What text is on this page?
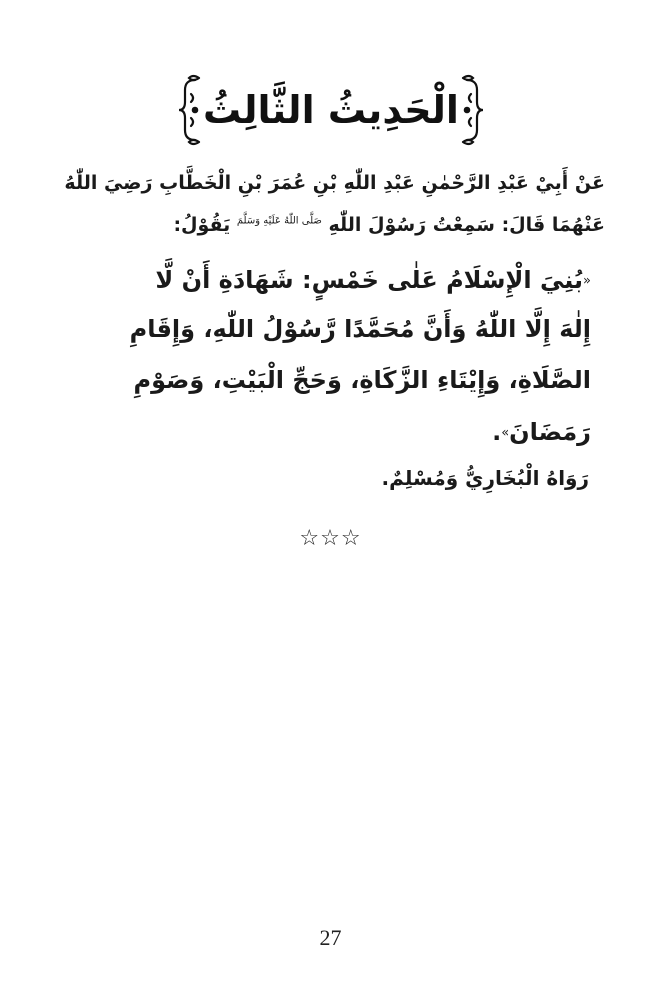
الْحَدِيثُ الثَّالِثُ
عَنْ أَبِيْ عَبْدِ الرَّحْمٰنِ عَبْدِ اللّٰهِ بْنِ عُمَرَ بْنِ الْخَطَّابِ رَضِيَ اللّٰهُ
عَنْهُمَا قَالَ: سَمِعْتُ رَسُوْلَ اللّٰهِ $^{صَلَّى اللّٰهُ عَلَيْهِ وَسَلَّمَ}$ يَقُوْلُ:
«بُنِيَ الْإِسْلَامُ عَلٰى خَمْسٍ: شَهَادَةِ أَنْ لَّا
إِلٰهَ إِلَّا اللّٰهُ وَأَنَّ مُحَمَّدًا رَّسُوْلُ اللّٰهِ، وَإِقَامِ
الصَّلَاةِ، وَإِيْتَاءِ الزَّكَاةِ، وَحَجِّ الْبَيْتِ، وَصَوْمِ
رَمَضَانَ».
رَوَاهُ الْبُخَارِيُّ وَمُسْلِمٌ.
☆☆☆
27
